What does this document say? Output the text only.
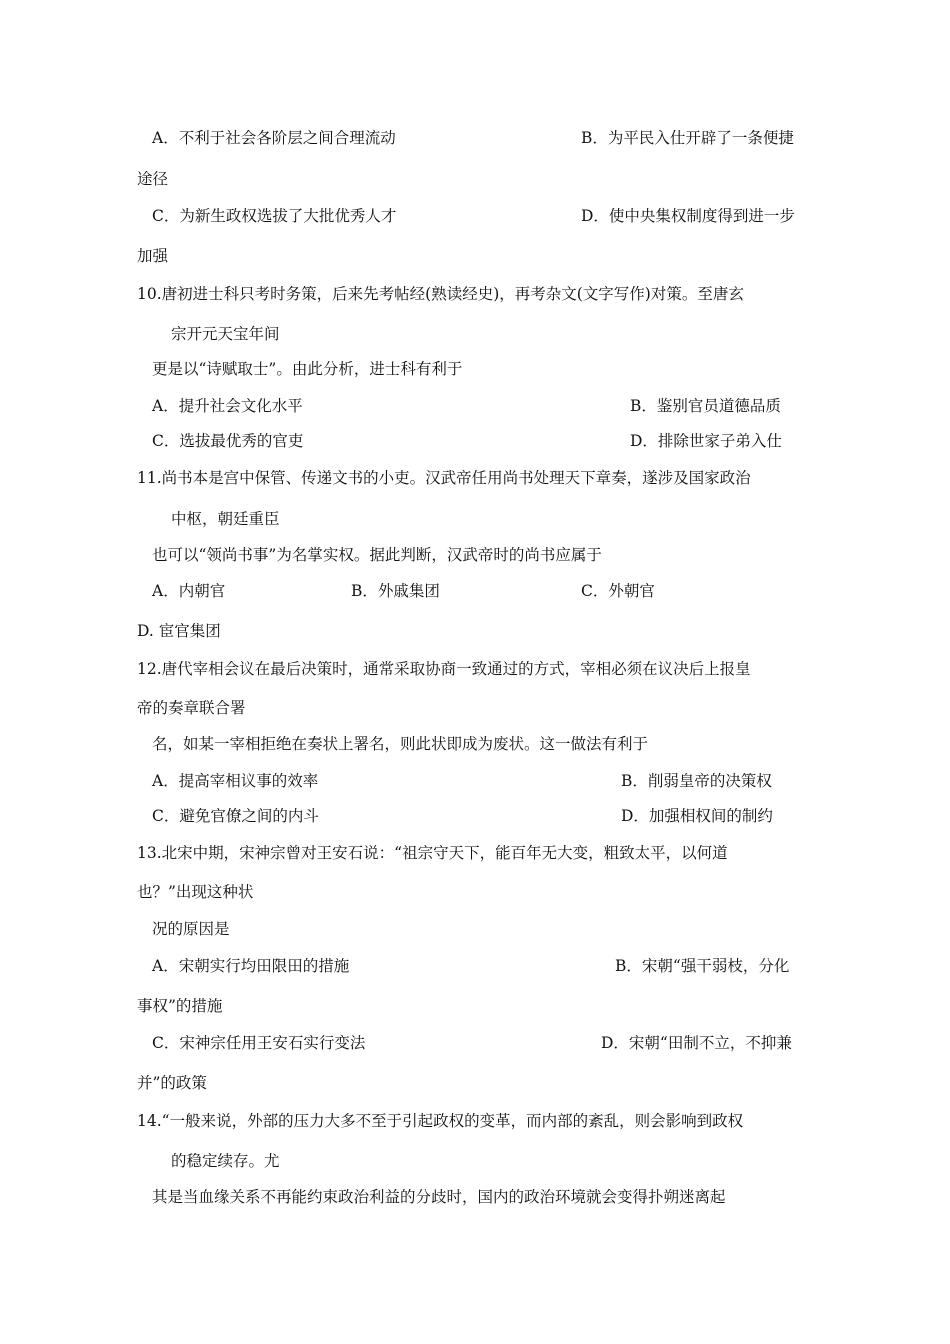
A．不利于社会各阶层之间合理流动	B．为平民入仕开辟了一条便捷
途径
C．为新生政权选拔了大批优秀人才	D．使中央集权制度得到进一步
加强
10.唐初进士科只考时务策，后来先考帖经(熟读经史)，再考杂文(文字写作)对策。至唐玄
宗开元天宝年间
更是以“诗赋取士”。由此分析，进士科有利于
A．提升社会文化水平	B．鉴别官员道德品质
C．选拔最优秀的官吏	D．排除世家子弟入仕
11.尚书本是宫中保管、传递文书的小吏。汉武帝任用尚书处理天下章奏，遂涉及国家政治
中枢，朝廷重臣
也可以“领尚书事”为名掌实权。据此判断，汉武帝时的尚书应属于
A．内朝官	B．外戚集团	C．外朝官
D. 宦官集团
12.唐代宰相会议在最后决策时，通常采取协商一致通过的方式，宰相必须在议决后上报皇
帝的奏章联合署
名，如某一宰相拒绝在奏状上署名，则此状即成为废状。这一做法有利于
A．提高宰相议事的效率	B．削弱皇帝的决策权
C．避免官僚之间的内斗	D．加强相权间的制约
13.北宋中期，宋神宗曾对王安石说：“祖宗守天下，能百年无大变，粗致太平，以何道
也？”出现这种状
况的原因是
A．宋朝实行均田限田的措施	B．宋朝“强干弱枝，分化
事权”的措施
C．宋神宗任用王安石实行变法	D．宋朝“田制不立，不抑兼
并”的政策
14.“一般来说，外部的压力大多不至于引起政权的变革，而内部的紊乱，则会影响到政权
的稳定续存。尤
其是当血缘关系不再能约束政治利益的分歧时，国内的政治环境就会变得扑朔迷离起
